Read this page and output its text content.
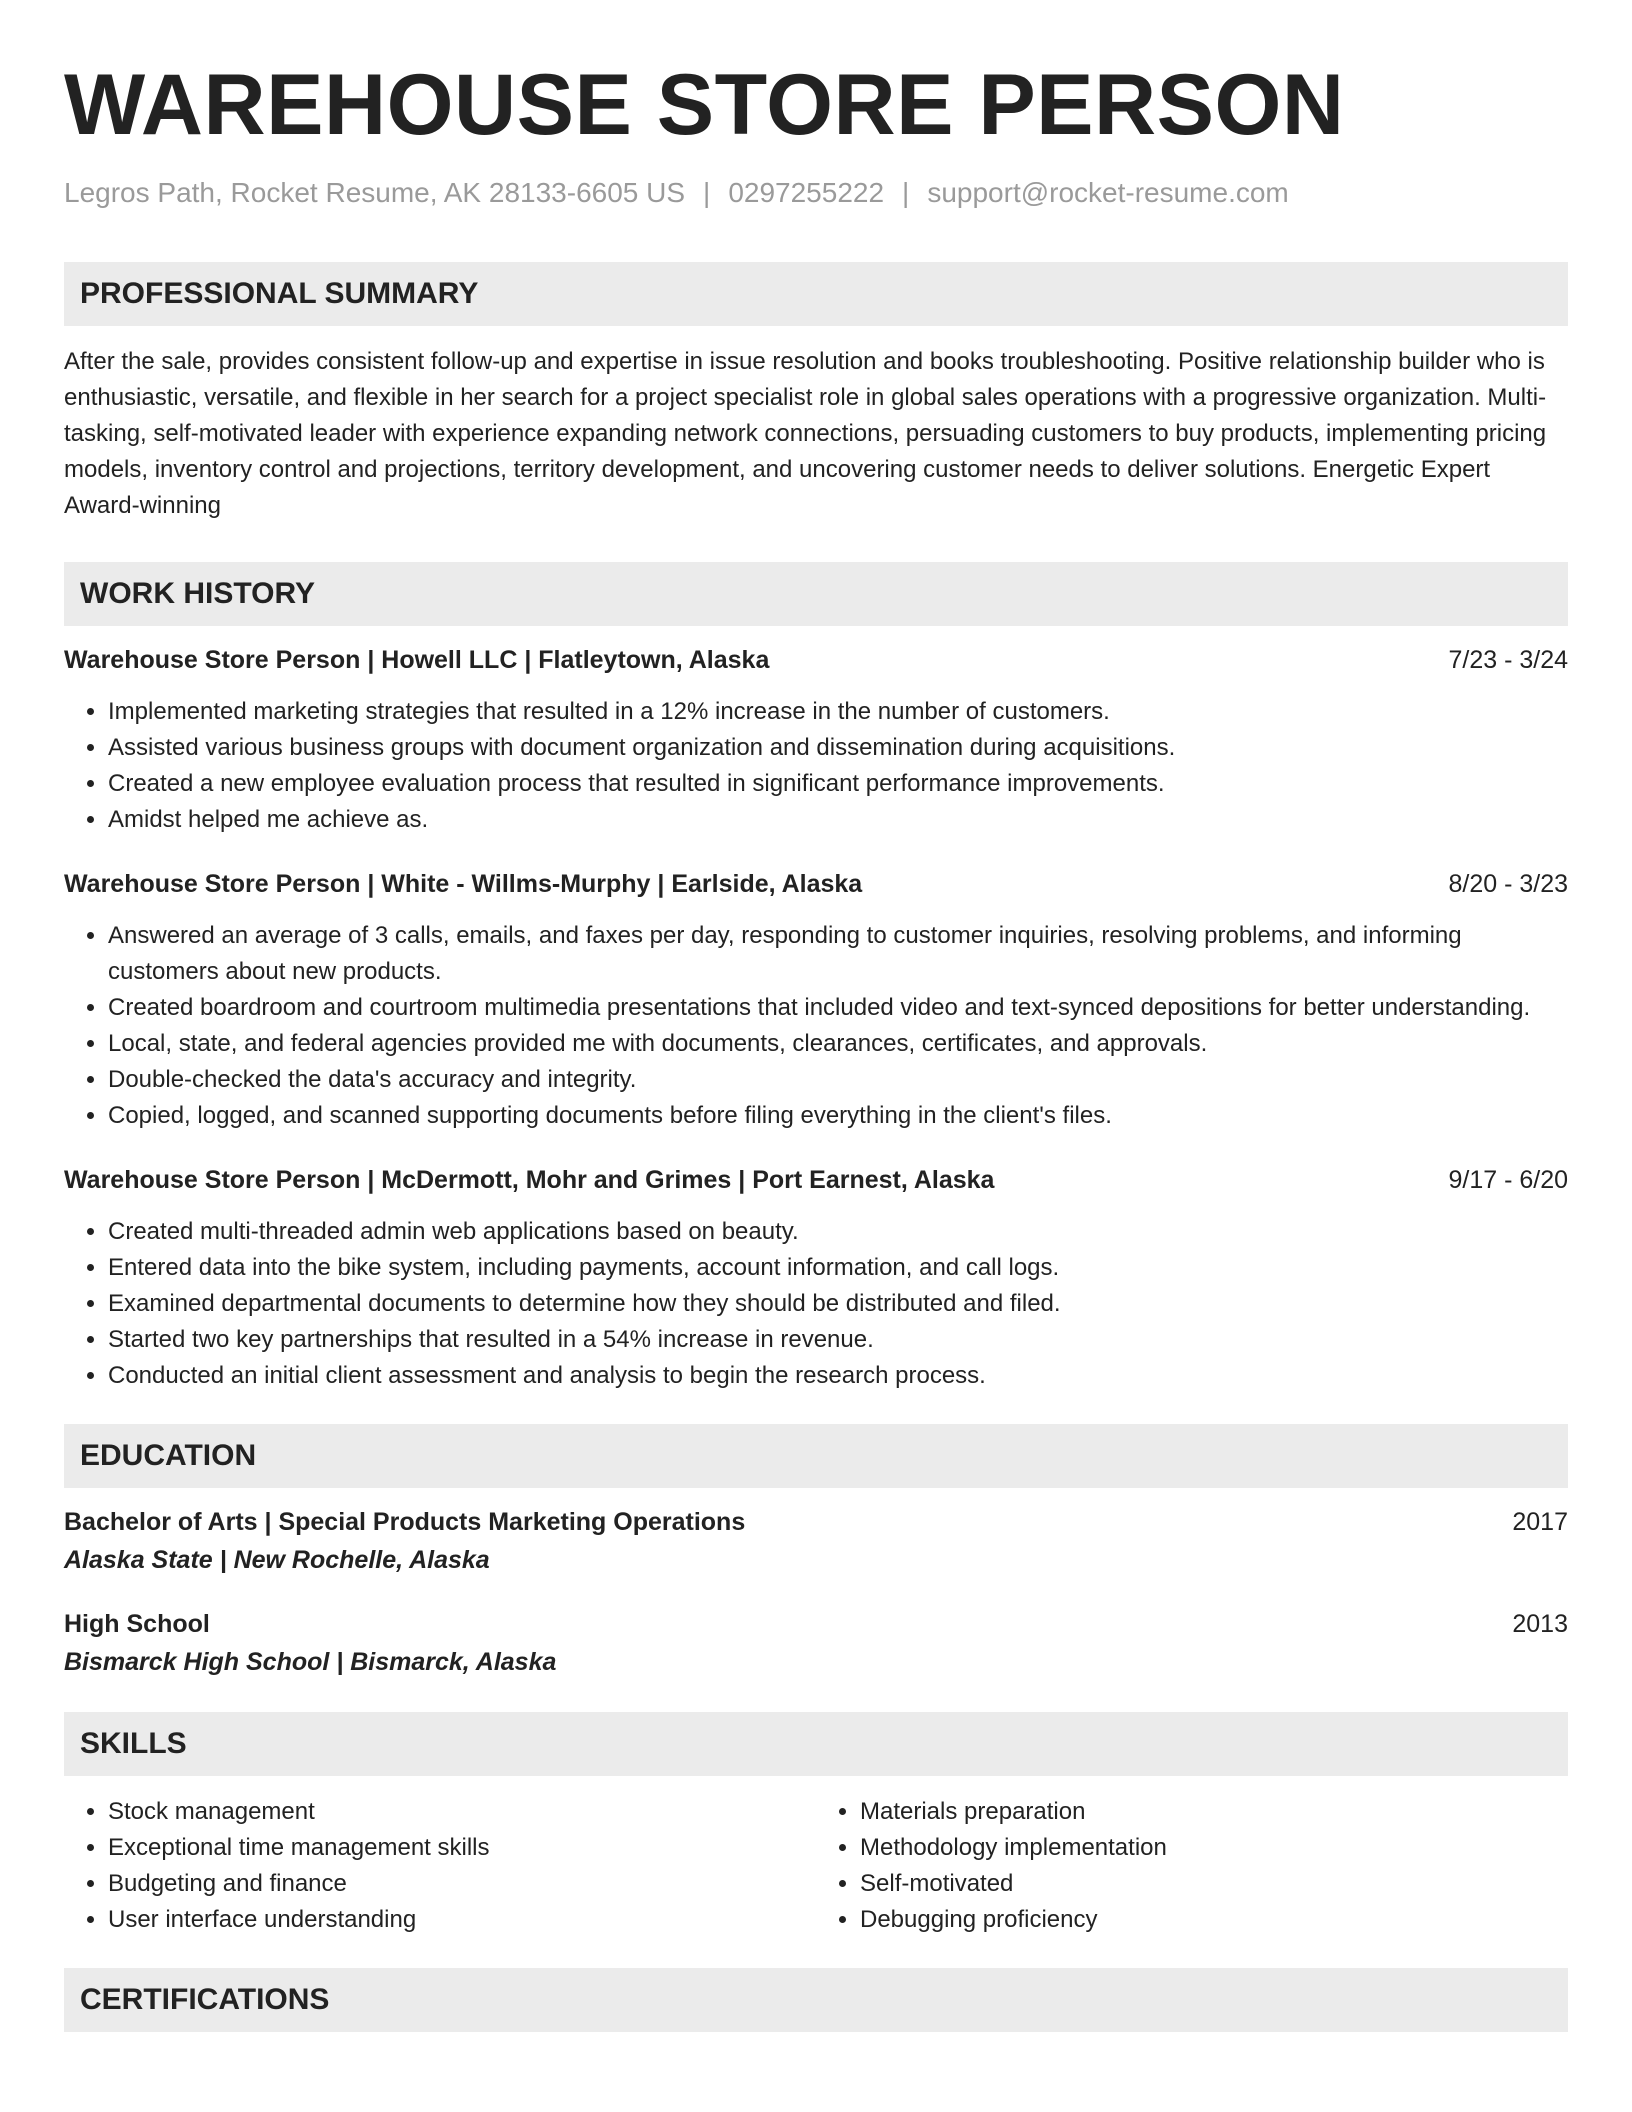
WAREHOUSE STORE PERSON
Legros Path, Rocket Resume, AK 28133-6605 US | 0297255222 | support@rocket-resume.com
PROFESSIONAL SUMMARY

After the sale, provides consistent follow-up and expertise in issue resolution and books troubleshooting. Positive relationship builder who is enthusiastic, versatile, and flexible in her search for a project specialist role in global sales operations with a progressive organization. Multi-tasking, self-motivated leader with experience expanding network connections, persuading customers to buy products, implementing pricing models, inventory control and projections, territory development, and uncovering customer needs to deliver solutions. Energetic Expert Award-winning

WORK HISTORY
Warehouse Store Person | Howell LLC | Flatleytown, Alaska	7/23 - 3/24
• Implemented marketing strategies that resulted in a 12% increase in the number of customers.
• Assisted various business groups with document organization and dissemination during acquisitions.
• Created a new employee evaluation process that resulted in significant performance improvements.
• Amidst helped me achieve as.
Warehouse Store Person | White - Willms-Murphy | Earlside, Alaska	8/20 - 3/23
• Answered an average of 3 calls, emails, and faxes per day, responding to customer inquiries, resolving problems, and informing customers about new products.
• Created boardroom and courtroom multimedia presentations that included video and text-synced depositions for better understanding.
• Local, state, and federal agencies provided me with documents, clearances, certificates, and approvals.
• Double-checked the data's accuracy and integrity.
• Copied, logged, and scanned supporting documents before filing everything in the client's files.
Warehouse Store Person | McDermott, Mohr and Grimes | Port Earnest, Alaska	9/17 - 6/20
• Created multi-threaded admin web applications based on beauty.
• Entered data into the bike system, including payments, account information, and call logs.
• Examined departmental documents to determine how they should be distributed and filed.
• Started two key partnerships that resulted in a 54% increase in revenue.
• Conducted an initial client assessment and analysis to begin the research process.
EDUCATION
Bachelor of Arts | Special Products Marketing Operations	2017
Alaska State | New Rochelle, Alaska
High School	2013
Bismarck High School | Bismarck, Alaska
SKILLS
• Stock management
• Exceptional time management skills
• Budgeting and finance
• User interface understanding
• Materials preparation
• Methodology implementation
• Self-motivated
• Debugging proficiency
CERTIFICATIONS
